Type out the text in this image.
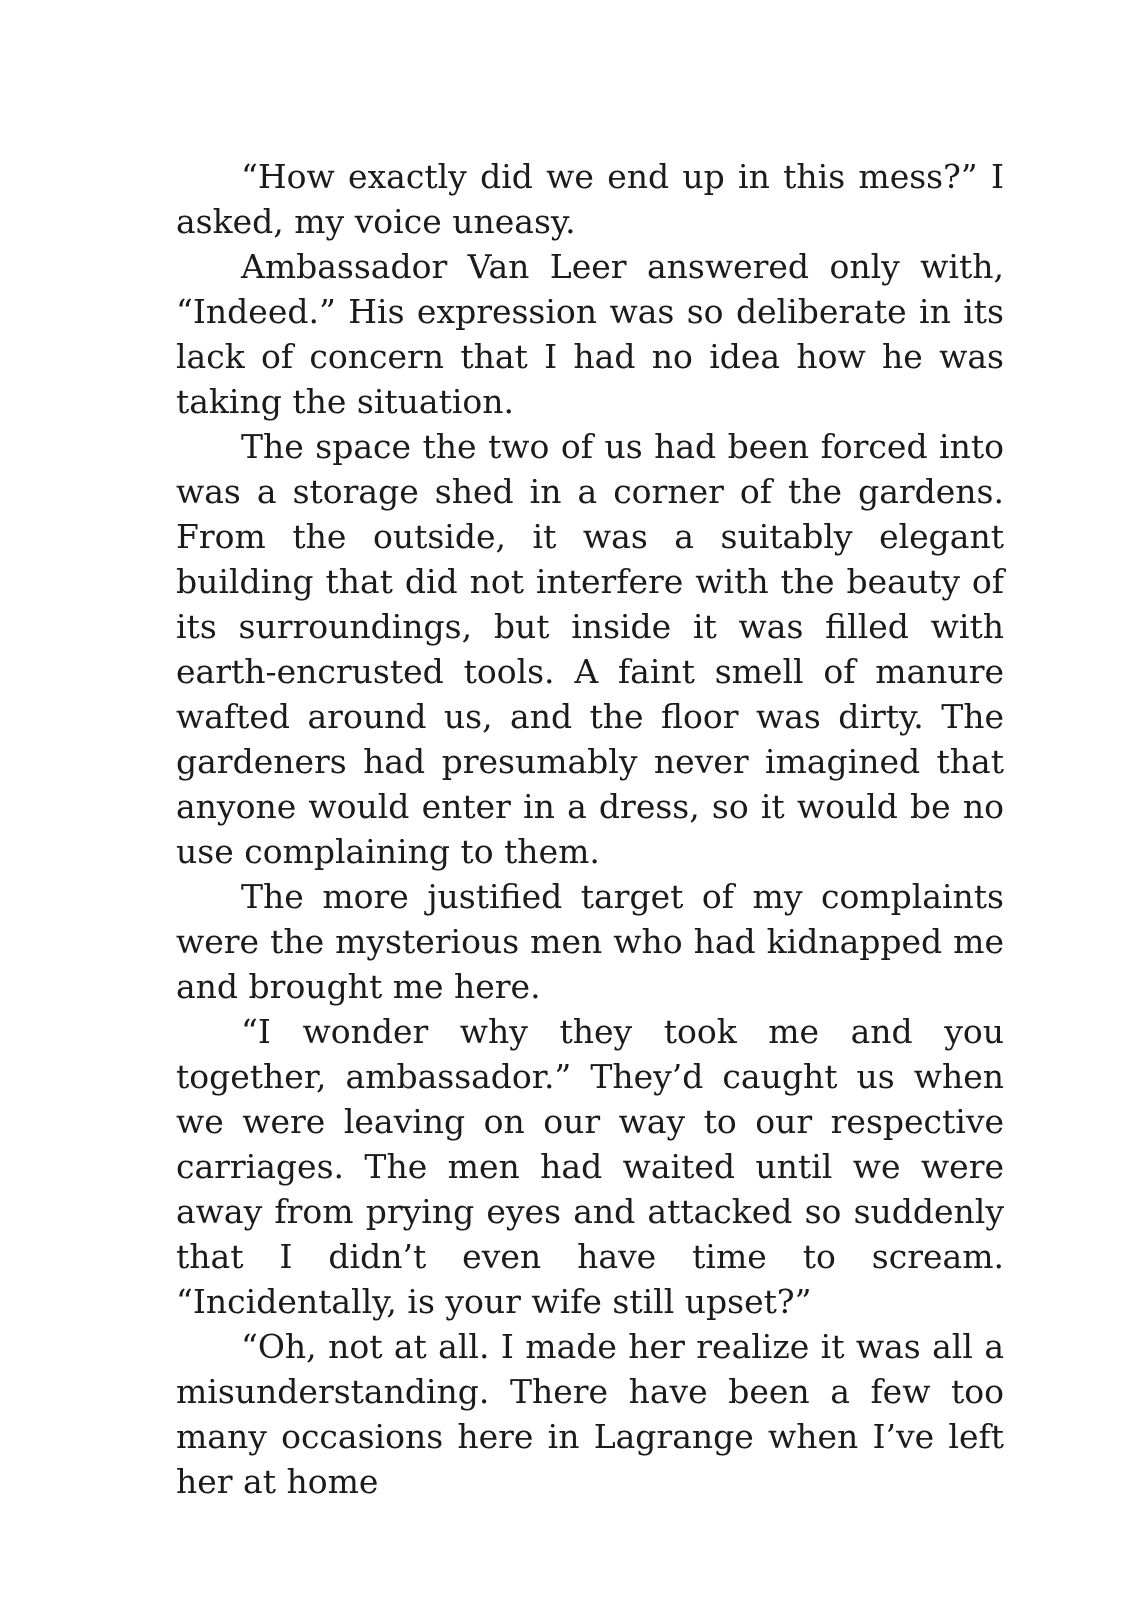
“How exactly did we end up in this mess?” I asked, my voice uneasy.

Ambassador Van Leer answered only with, “Indeed.” His expression was so deliberate in its lack of concern that I had no idea how he was taking the situation.

The space the two of us had been forced into was a storage shed in a corner of the gardens. From the outside, it was a suitably elegant building that did not interfere with the beauty of its surroundings, but inside it was filled with earth-encrusted tools. A faint smell of manure wafted around us, and the floor was dirty. The gardeners had presumably never imagined that anyone would enter in a dress, so it would be no use complaining to them.

The more justified target of my complaints were the mysterious men who had kidnapped me and brought me here.

“I wonder why they took me and you together, ambassador.” They’d caught us when we were leaving on our way to our respective carriages. The men had waited until we were away from prying eyes and attacked so suddenly that I didn’t even have time to scream. “Incidentally, is your wife still upset?”

“Oh, not at all. I made her realize it was all a misunderstanding. There have been a few too many occasions here in Lagrange when I’ve left her at home
